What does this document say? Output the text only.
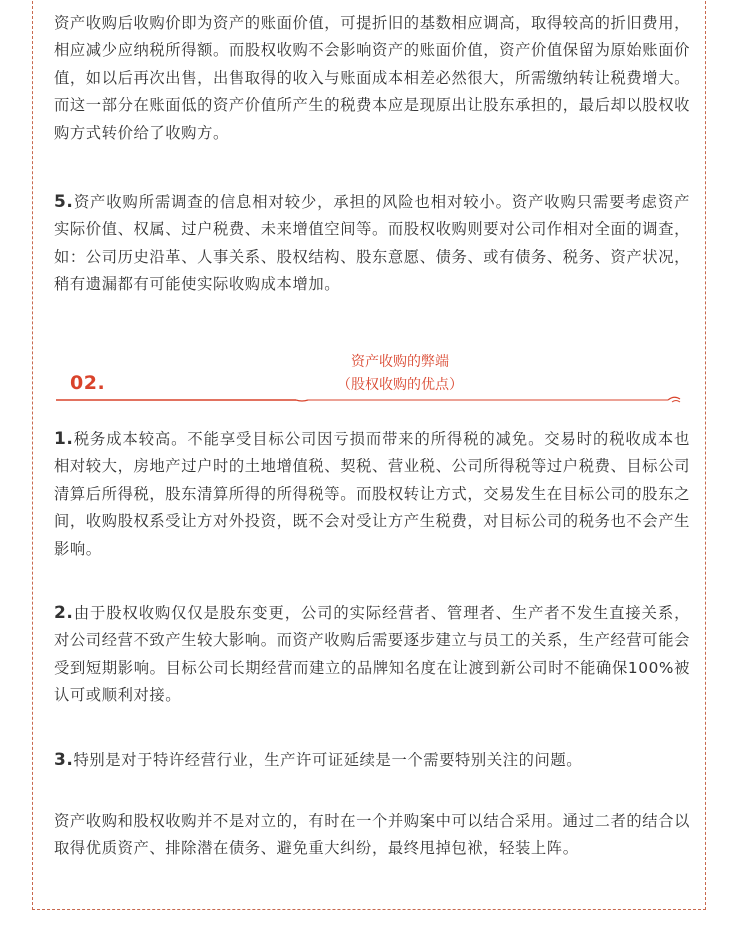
资产收购后收购价即为资产的账面价值，可提折旧的基数相应调高，取得较高的折旧费用，相应减少应纳税所得额。而股权收购不会影响资产的账面价值，资产价值保留为原始账面价值，如以后再次出售，出售取得的收入与账面成本相差必然很大，所需缴纳转让税费增大。而这一部分在账面低的资产价值所产生的税费本应是现原出让股东承担的，最后却以股权收购方式转价给了收购方。

5.资产收购所需调查的信息相对较少，承担的风险也相对较小。资产收购只需要考虑资产实际价值、权属、过户税费、未来增值空间等。而股权收购则要对公司作相对全面的调查，如：公司历史沿革、人事关系、股权结构、股东意愿、债务、或有债务、税务、资产状况，稍有遗漏都有可能使实际收购成本增加。

资产收购的弊端
（股权收购的优点）
02.

1.税务成本较高。不能享受目标公司因亏损而带来的所得税的减免。交易时的税收成本也相对较大，房地产过户时的土地增值税、契税、营业税、公司所得税等过户税费、目标公司清算后所得税，股东清算所得的所得税等。而股权转让方式，交易发生在目标公司的股东之间，收购股权系受让方对外投资，既不会对受让方产生税费，对目标公司的税务也不会产生影响。

2.由于股权收购仅仅是股东变更，公司的实际经营者、管理者、生产者不发生直接关系，对公司经营不致产生较大影响。而资产收购后需要逐步建立与员工的关系，生产经营可能会受到短期影响。目标公司长期经营而建立的品牌知名度在让渡到新公司时不能确保100%被认可或顺利对接。

3.特别是对于特许经营行业，生产许可证延续是一个需要特别关注的问题。

资产收购和股权收购并不是对立的，有时在一个并购案中可以结合采用。通过二者的结合以取得优质资产、排除潜在债务、避免重大纠纷，最终甩掉包袱，轻装上阵。
